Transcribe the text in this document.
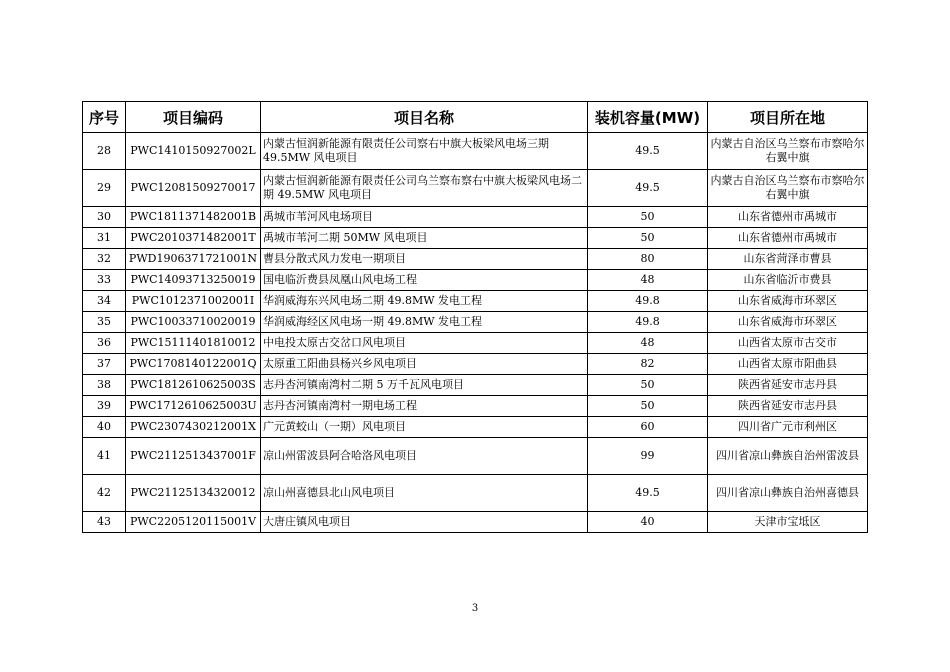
序号	项目编码	项目名称	装机容量(MW)	项目所在地
28	PWC1410150927002L	内蒙古恒润新能源有限责任公司察右中旗大板梁风电场三期49.5MW 风电项目	49.5	内蒙古自治区乌兰察布市察哈尔右翼中旗
29	PWC12081509270017	内蒙古恒润新能源有限责任公司乌兰察布察右中旗大板梁风电场二期 49.5MW 风电项目	49.5	内蒙古自治区乌兰察布市察哈尔右翼中旗
30	PWC1811371482001B	禹城市苇河风电场项目	50	山东省德州市禹城市
31	PWC2010371482001T	禹城市苇河二期 50MW 风电项目	50	山东省德州市禹城市
32	PWD1906371721001N	曹县分散式风力发电一期项目	80	山东省菏泽市曹县
33	PWC14093713250019	国电临沂费县凤凰山风电场工程	48	山东省临沂市费县
34	PWC1012371002001I	华润威海东兴风电场二期 49.8MW 发电工程	49.8	山东省威海市环翠区
35	PWC10033710020019	华润威海经区风电场一期 49.8MW 发电工程	49.8	山东省威海市环翠区
36	PWC15111401810012	中电投太原古交岔口风电项目	48	山西省太原市古交市
37	PWC1708140122001Q	太原重工阳曲县杨兴乡风电项目	82	山西省太原市阳曲县
38	PWC1812610625003S	志丹杏河镇南湾村二期 5 万千瓦风电项目	50	陕西省延安市志丹县
39	PWC1712610625003U	志丹杏河镇南湾村一期电场工程	50	陕西省延安市志丹县
40	PWC2307430212001X	广元黄蛟山（一期）风电项目	60	四川省广元市利州区
41	PWC2112513437001F	凉山州雷波县阿合哈洛风电项目	99	四川省凉山彝族自治州雷波县
42	PWC21125134320012	凉山州喜德县北山风电项目	49.5	四川省凉山彝族自治州喜德县
43	PWC2205120115001V	大唐庄镇风电项目	40	天津市宝坻区
3
